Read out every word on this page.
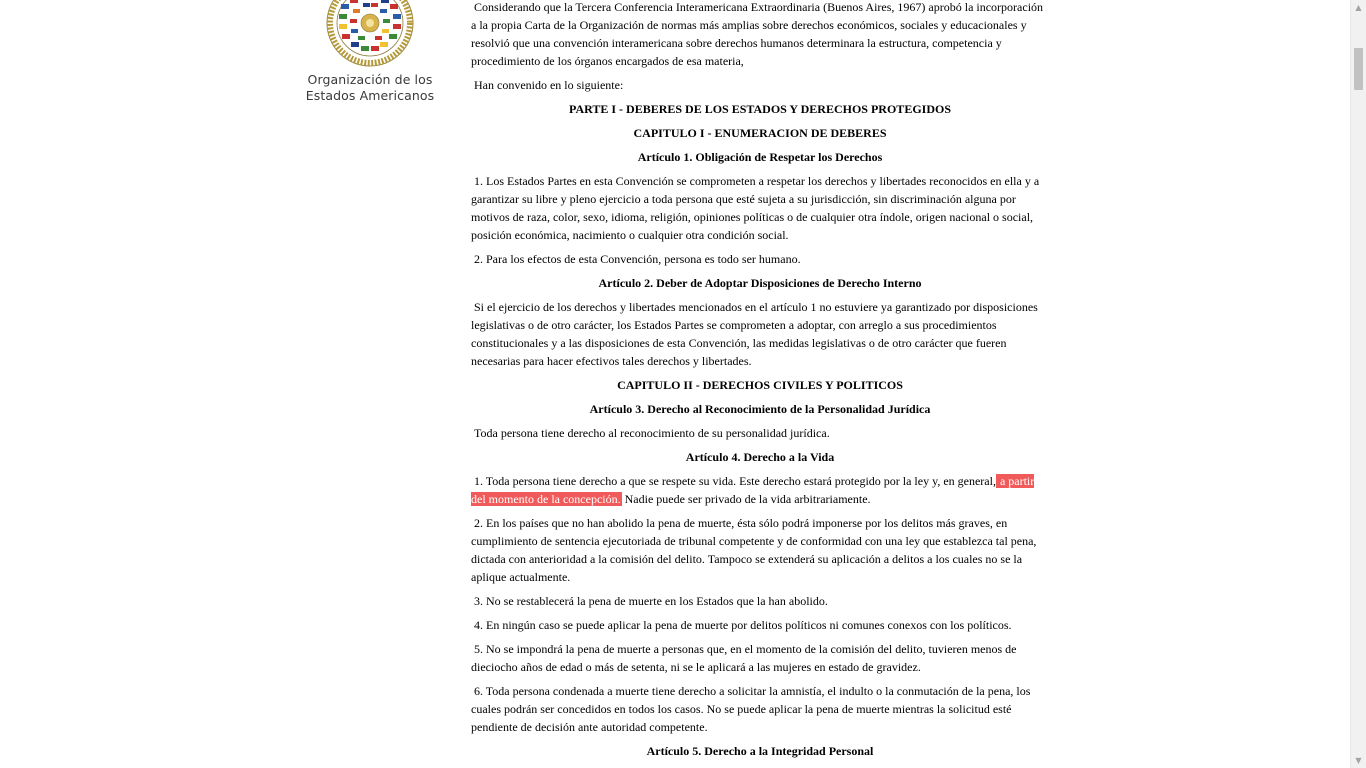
Organización de los
Estados Americanos

Considerando que la Tercera Conferencia Interamericana Extraordinaria (Buenos Aires, 1967) aprobó la incorporación a la propia Carta de la Organización de normas más amplias sobre derechos económicos, sociales y educacionales y resolvió que una convención interamericana sobre derechos humanos determinara la estructura, competencia y procedimiento de los órganos encargados de esa materia,

Han convenido en lo siguiente:

PARTE I - DEBERES DE LOS ESTADOS Y DERECHOS PROTEGIDOS

CAPITULO I - ENUMERACION DE DEBERES

Artículo 1. Obligación de Respetar los Derechos

1. Los Estados Partes en esta Convención se comprometen a respetar los derechos y libertades reconocidos en ella y a garantizar su libre y pleno ejercicio a toda persona que esté sujeta a su jurisdicción, sin discriminación alguna por motivos de raza, color, sexo, idioma, religión, opiniones políticas o de cualquier otra índole, origen nacional o social, posición económica, nacimiento o cualquier otra condición social.

2. Para los efectos de esta Convención, persona es todo ser humano.

Artículo 2. Deber de Adoptar Disposiciones de Derecho Interno

Si el ejercicio de los derechos y libertades mencionados en el artículo 1 no estuviere ya garantizado por disposiciones legislativas o de otro carácter, los Estados Partes se comprometen a adoptar, con arreglo a sus procedimientos constitucionales y a las disposiciones de esta Convención, las medidas legislativas o de otro carácter que fueren necesarias para hacer efectivos tales derechos y libertades.

CAPITULO II - DERECHOS CIVILES Y POLITICOS

Artículo 3. Derecho al Reconocimiento de la Personalidad Jurídica

Toda persona tiene derecho al reconocimiento de su personalidad jurídica.

Artículo 4. Derecho a la Vida

1. Toda persona tiene derecho a que se respete su vida. Este derecho estará protegido por la ley y, en general, a partir del momento de la concepción. Nadie puede ser privado de la vida arbitrariamente.

2. En los países que no han abolido la pena de muerte, ésta sólo podrá imponerse por los delitos más graves, en cumplimiento de sentencia ejecutoriada de tribunal competente y de conformidad con una ley que establezca tal pena, dictada con anterioridad a la comisión del delito. Tampoco se extenderá su aplicación a delitos a los cuales no se la aplique actualmente.

3. No se restablecerá la pena de muerte en los Estados que la han abolido.

4. En ningún caso se puede aplicar la pena de muerte por delitos políticos ni comunes conexos con los políticos.

5. No se impondrá la pena de muerte a personas que, en el momento de la comisión del delito, tuvieren menos de dieciocho años de edad o más de setenta, ni se le aplicará a las mujeres en estado de gravidez.

6. Toda persona condenada a muerte tiene derecho a solicitar la amnistía, el indulto o la conmutación de la pena, los cuales podrán ser concedidos en todos los casos. No se puede aplicar la pena de muerte mientras la solicitud esté pendiente de decisión ante autoridad competente.

Artículo 5. Derecho a la Integridad Personal

▲
▼
